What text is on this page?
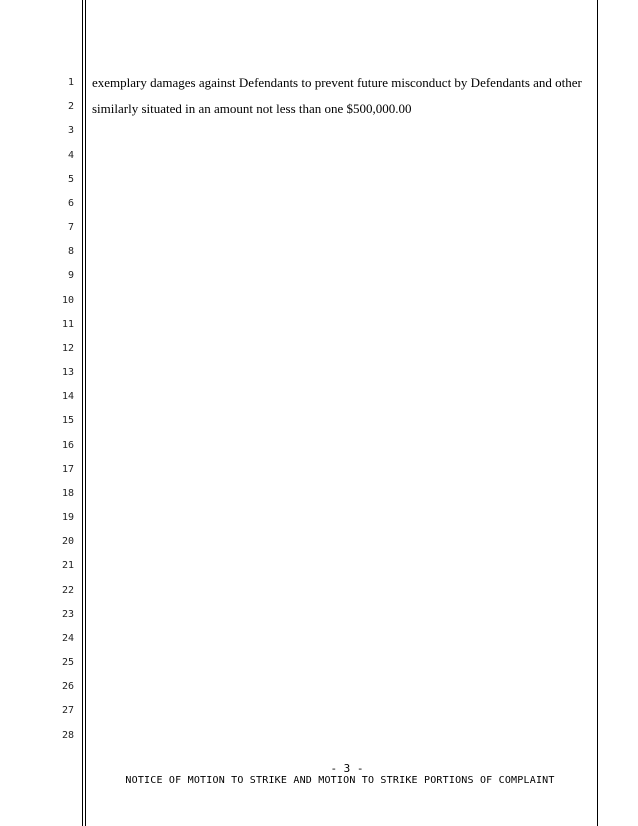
1
2
3
4
5
6
7
8
9
10
11
12
13
14
15
16
17
18
19
20
21
22
23
24
25
26
27
28
exemplary damages against Defendants to prevent future misconduct by Defendants and other
similarly situated in an amount not less than one $500,000.00
- 3 -
NOTICE OF MOTION TO STRIKE AND MOTION TO STRIKE PORTIONS OF COMPLAINT
